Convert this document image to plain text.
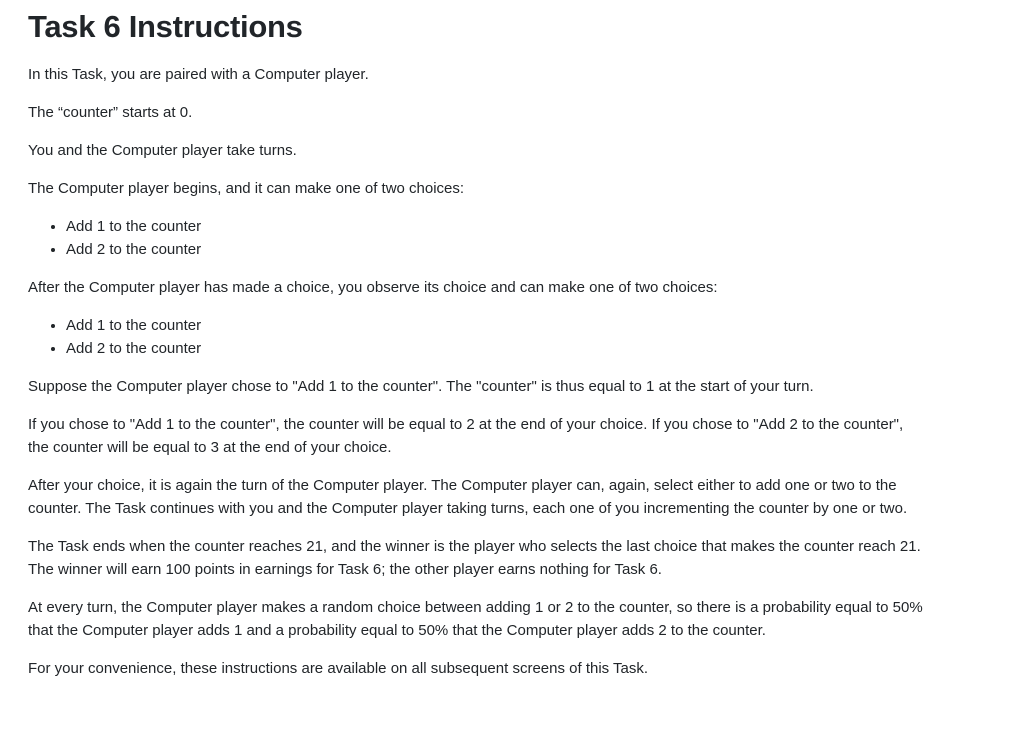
Task 6 Instructions

In this Task, you are paired with a Computer player.

The “counter” starts at 0.

You and the Computer player take turns.

The Computer player begins, and it can make one of two choices:

• Add 1 to the counter
• Add 2 to the counter

After the Computer player has made a choice, you observe its choice and can make one of two choices:

• Add 1 to the counter
• Add 2 to the counter

Suppose the Computer player chose to "Add 1 to the counter". The "counter" is thus equal to 1 at the start of your turn.

If you chose to "Add 1 to the counter", the counter will be equal to 2 at the end of your choice. If you chose to "Add 2 to the counter", the counter will be equal to 3 at the end of your choice.

After your choice, it is again the turn of the Computer player. The Computer player can, again, select either to add one or two to the counter. The Task continues with you and the Computer player taking turns, each one of you incrementing the counter by one or two.

The Task ends when the counter reaches 21, and the winner is the player who selects the last choice that makes the counter reach 21. The winner will earn 100 points in earnings for Task 6; the other player earns nothing for Task 6.

At every turn, the Computer player makes a random choice between adding 1 or 2 to the counter, so there is a probability equal to 50% that the Computer player adds 1 and a probability equal to 50% that the Computer player adds 2 to the counter.

For your convenience, these instructions are available on all subsequent screens of this Task.
